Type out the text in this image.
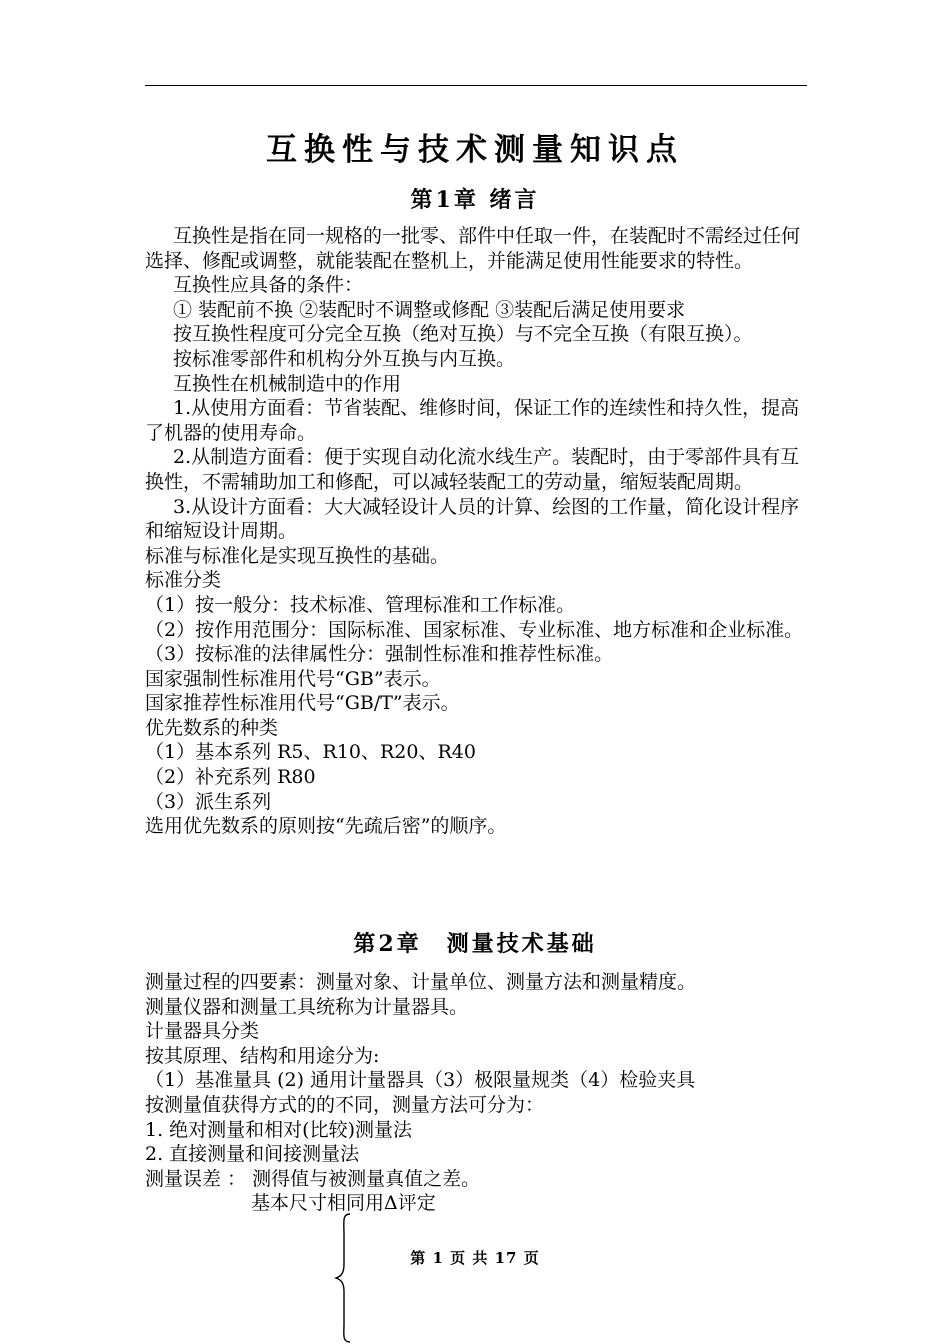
互换性与技术测量知识点
第1章 绪言

互换性是指在同一规格的一批零、部件中任取一件，在装配时不需经过任何选择、修配或调整，就能装配在整机上，并能满足使用性能要求的特性。

互换性应具备的条件：

① 装配前不换 ②装配时不调整或修配 ③装配后满足使用要求

按互换性程度可分完全互换（绝对互换）与不完全互换（有限互换）。

按标准零部件和机构分外互换与内互换。

互换性在机械制造中的作用

1.从使用方面看：节省装配、维修时间，保证工作的连续性和持久性，提高了机器的使用寿命。

2.从制造方面看：便于实现自动化流水线生产。装配时，由于零部件具有互换性，不需辅助加工和修配，可以减轻装配工的劳动量，缩短装配周期。

3.从设计方面看：大大减轻设计人员的计算、绘图的工作量，简化设计程序和缩短设计周期。

标准与标准化是实现互换性的基础。

标准分类

（1）按一般分：技术标准、管理标准和工作标准。

（2）按作用范围分：国际标准、国家标准、专业标准、地方标准和企业标准。

（3）按标准的法律属性分：强制性标准和推荐性标准。

国家强制性标准用代号“GB”表示。

国家推荐性标准用代号“GB/T”表示。

优先数系的种类

（1）基本系列 R5、R10、R20、R40

（2）补充系列 R80

（3）派生系列

选用优先数系的原则按“先疏后密”的顺序。

第2章　测量技术基础

测量过程的四要素：测量对象、计量单位、测量方法和测量精度。

测量仪器和测量工具统称为计量器具。

计量器具分类

按其原理、结构和用途分为:

（1）基准量具 (2) 通用计量器具（3）极限量规类（4）检验夹具

按测量值获得方式的的不同，测量方法可分为：

1. 绝对测量和相对(比较)测量法

2. 直接测量和间接测量法

测量误差 ： 测得值与被测量真值之差。

基本尺寸相同用Δ评定

第 1 页 共 17 页
